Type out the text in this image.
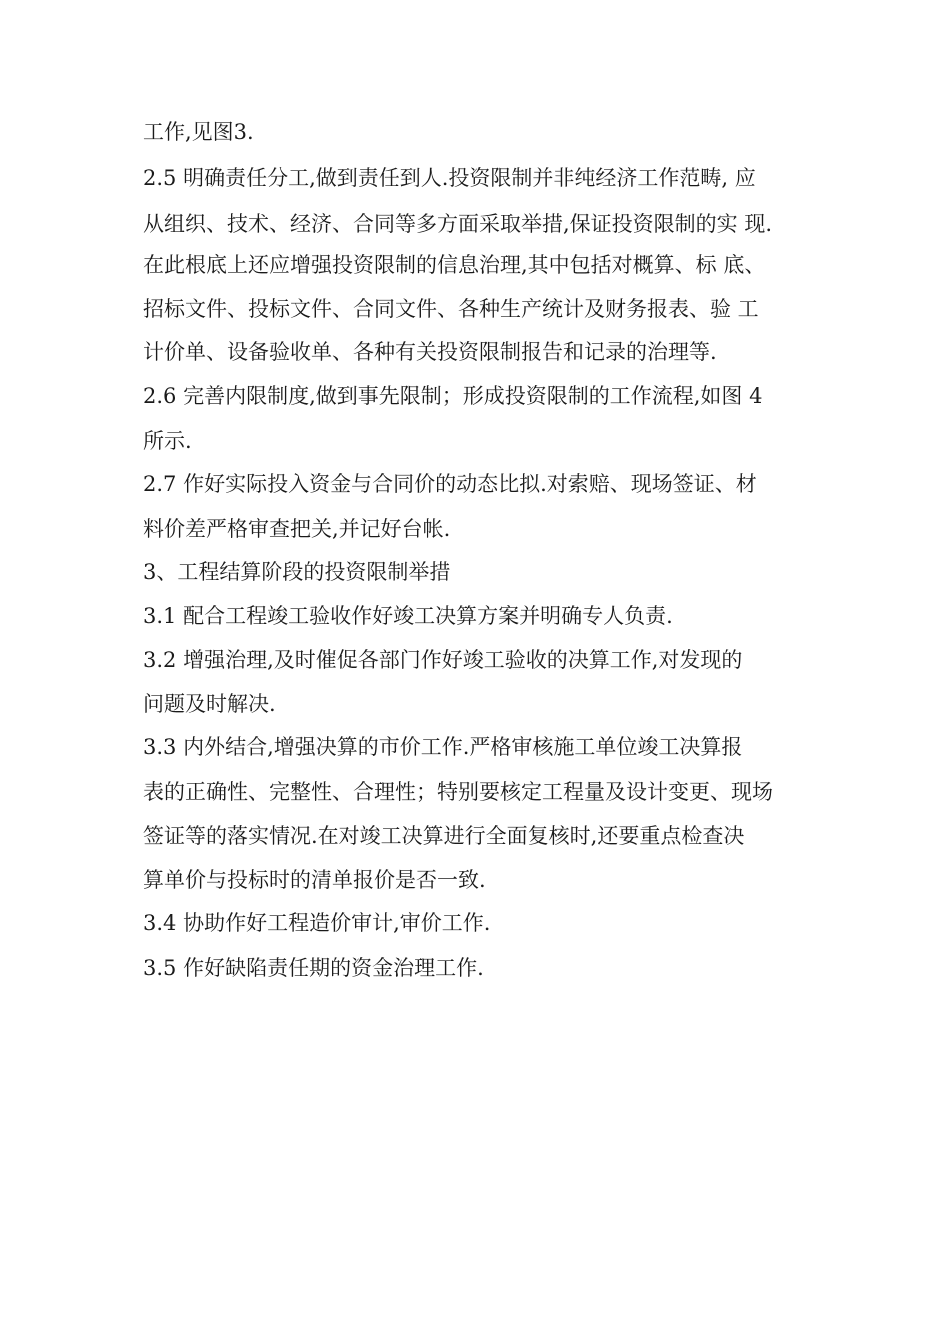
工作,见图3.
2.5 明确责任分工,做到责任到人.投资限制并非纯经济工作范畴, 应
从组织、技术、经济、合同等多方面采取举措,保证投资限制的实 现.
在此根底上还应增强投资限制的信息治理,其中包括对概算、标 底、
招标文件、投标文件、合同文件、各种生产统计及财务报表、验 工
计价单、设备验收单、各种有关投资限制报告和记录的治理等.
2.6 完善内限制度,做到事先限制；形成投资限制的工作流程,如图 4
所示.
2.7 作好实际投入资金与合同价的动态比拟.对索赔、现场签证、材
料价差严格审查把关,并记好台帐.
3、工程结算阶段的投资限制举措
3.1 配合工程竣工验收作好竣工决算方案并明确专人负责.
3.2 增强治理,及时催促各部门作好竣工验收的决算工作,对发现的
问题及时解决.
3.3 内外结合,增强决算的市价工作.严格审核施工单位竣工决算报
表的正确性、完整性、合理性；特别要核定工程量及设计变更、现场
签证等的落实情况.在对竣工决算进行全面复核时,还要重点检查决
算单价与投标时的清单报价是否一致.
3.4 协助作好工程造价审计,审价工作.
3.5 作好缺陷责任期的资金治理工作.
